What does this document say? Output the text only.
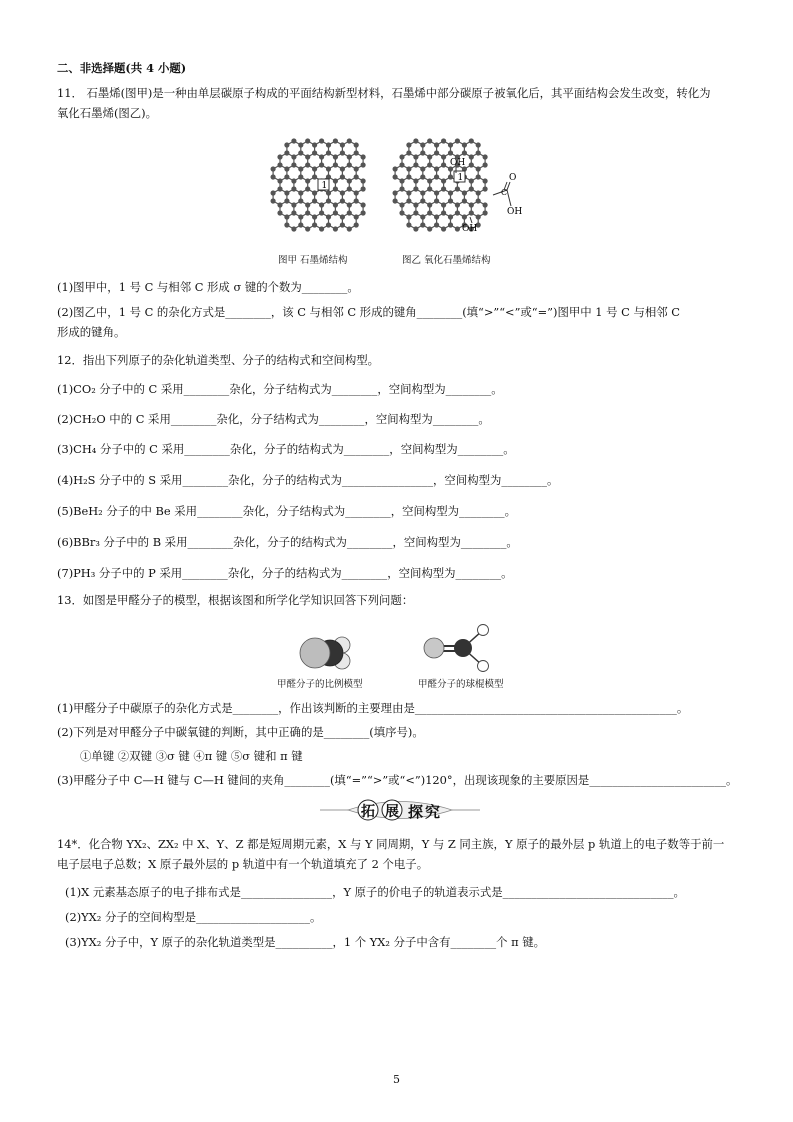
二、非选择题(共 4 小题)
11． 石墨烯(图甲)是一种由单层碳原子构成的平面结构新型材料，石墨烯中部分碳原子被氧化后，其平面结构会发生改变，转化为
氧化石墨烯(图乙)。
1
图甲 石墨烯结构
1	O
C
OH
OH
OH
图乙 氧化石墨烯结构
(1)图甲中，1 号 C 与相邻 C 形成 σ 键的个数为________。
(2)图乙中，1 号 C 的杂化方式是________，该 C 与相邻 C 形成的键角________(填“>”“<”或“=”)图甲中 1 号 C 与相邻 C
形成的键角。
12．指出下列原子的杂化轨道类型、分子的结构式和空间构型。
(1)CO₂ 分子中的 C 采用________杂化，分子结构式为________，空间构型为________。
(2)CH₂O 中的 C 采用________杂化，分子结构式为________，空间构型为________。
(3)CH₄ 分子中的 C 采用________杂化，分子的结构式为________，空间构型为________。
(4)H₂S 分子中的 S 采用________杂化，分子的结构式为________________，空间构型为________。
(5)BeH₂ 分子的中 Be 采用________杂化，分子结构式为________，空间构型为________。
(6)BBr₃ 分子中的 B 采用________杂化，分子的结构式为________，空间构型为________。
(7)PH₃ 分子中的 P 采用________杂化，分子的结构式为________，空间构型为________。
13．如图是甲醛分子的模型，根据该图和所学化学知识回答下列问题：
甲醛分子的比例模型	甲醛分子的球棍模型
(1)甲醛分子中碳原子的杂化方式是________，作出该判断的主要理由是______________________________________________。
(2)下列是对甲醛分子中碳氧键的判断，其中正确的是________(填序号)。
①单键 ②双键 ③σ 键 ④π 键 ⑤σ 键和 π 键
(3)甲醛分子中 C—H 键与 C—H 键间的夹角________(填“=”“>”或“<”)120°，出现该现象的主要原因是________________________。
拓 展 探究
14*．化合物 YX₂、ZX₂ 中 X、Y、Z 都是短周期元素，X 与 Y 同周期，Y 与 Z 同主族，Y 原子的最外层 p 轨道上的电子数等于前一
电子层电子总数；X 原子最外层的 p 轨道中有一个轨道填充了 2 个电子。
(1)X 元素基态原子的电子排布式是________________，Y 原子的价电子的轨道表示式是______________________________。
(2)YX₂ 分子的空间构型是____________________。
(3)YX₂ 分子中，Y 原子的杂化轨道类型是__________，1 个 YX₂ 分子中含有________个 π 键。
5
